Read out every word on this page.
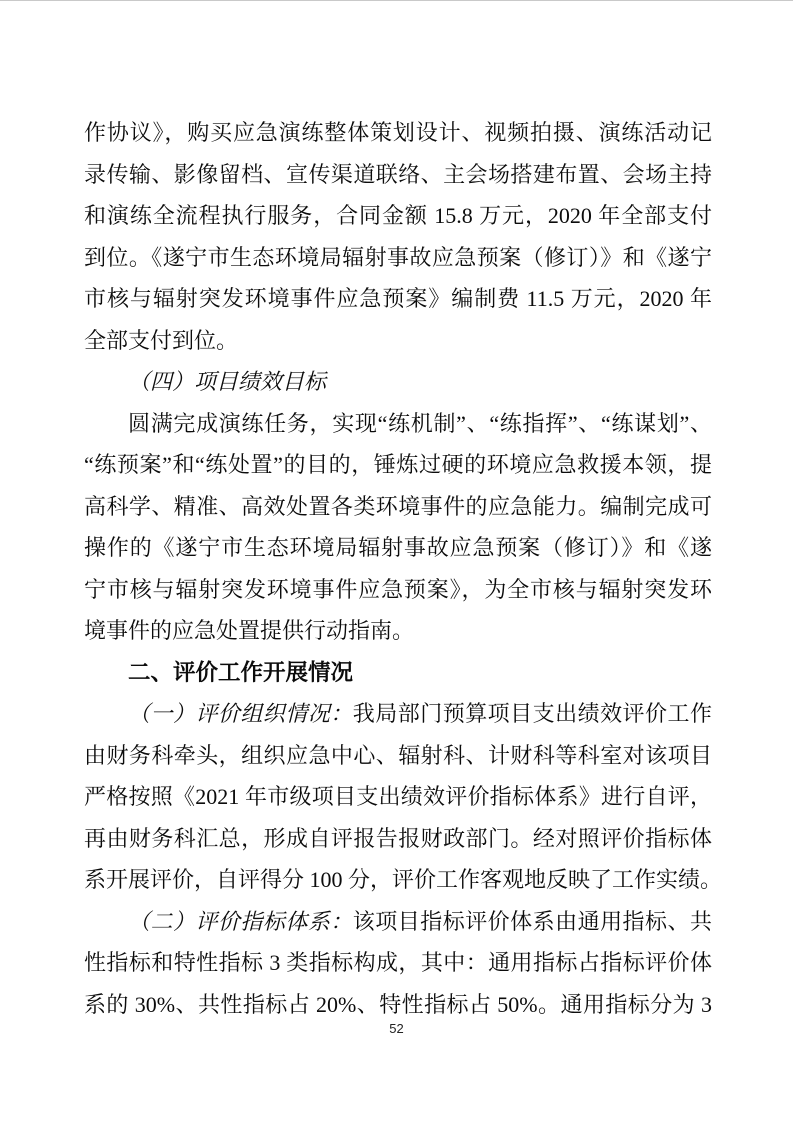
作协议》，购买应急演练整体策划设计、视频拍摄、演练活动记
录传输、影像留档、宣传渠道联络、主会场搭建布置、会场主持
和演练全流程执行服务，合同金额 15.8 万元，2020 年全部支付
到位。《遂宁市生态环境局辐射事故应急预案（修订）》和《遂宁
市核与辐射突发环境事件应急预案》编制费 11.5 万元，2020 年
全部支付到位。
（四）项目绩效目标
圆满完成演练任务，实现“练机制”、“练指挥”、“练谋划”、
“练预案”和“练处置”的目的，锤炼过硬的环境应急救援本领，提
高科学、精准、高效处置各类环境事件的应急能力。编制完成可
操作的《遂宁市生态环境局辐射事故应急预案（修订）》和《遂
宁市核与辐射突发环境事件应急预案》，为全市核与辐射突发环
境事件的应急处置提供行动指南。
二、评价工作开展情况
（一）评价组织情况：我局部门预算项目支出绩效评价工作
由财务科牵头，组织应急中心、辐射科、计财科等科室对该项目
严格按照《2021 年市级项目支出绩效评价指标体系》进行自评，
再由财务科汇总，形成自评报告报财政部门。经对照评价指标体
系开展评价，自评得分 100 分，评价工作客观地反映了工作实绩。
（二）评价指标体系：该项目指标评价体系由通用指标、共
性指标和特性指标 3 类指标构成，其中：通用指标占指标评价体
系的 30%、共性指标占 20%、特性指标占 50%。通用指标分为 3
52
